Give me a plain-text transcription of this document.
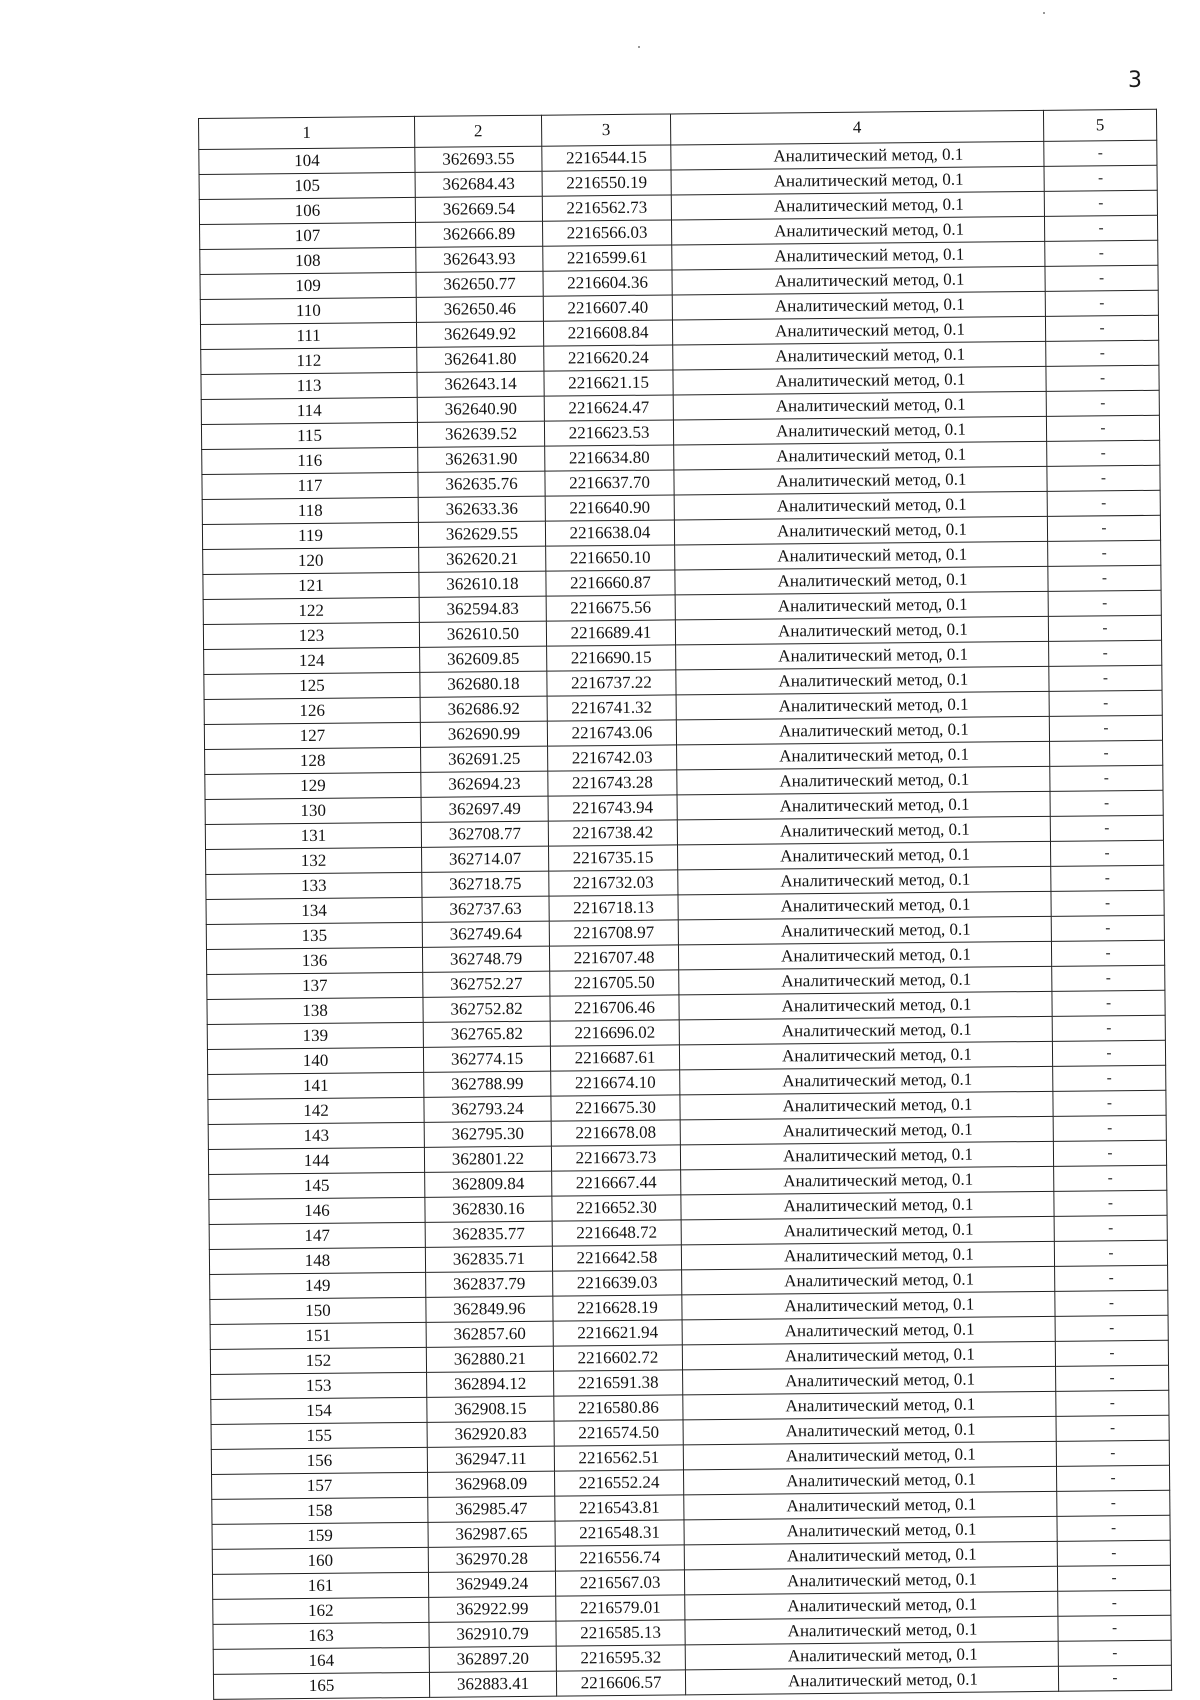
3
1	2	3	4	5
104	362693.55	2216544.15	Аналитический метод, 0.1	-
105	362684.43	2216550.19	Аналитический метод, 0.1	-
106	362669.54	2216562.73	Аналитический метод, 0.1	-
107	362666.89	2216566.03	Аналитический метод, 0.1	-
108	362643.93	2216599.61	Аналитический метод, 0.1	-
109	362650.77	2216604.36	Аналитический метод, 0.1	-
110	362650.46	2216607.40	Аналитический метод, 0.1	-
111	362649.92	2216608.84	Аналитический метод, 0.1	-
112	362641.80	2216620.24	Аналитический метод, 0.1	-
113	362643.14	2216621.15	Аналитический метод, 0.1	-
114	362640.90	2216624.47	Аналитический метод, 0.1	-
115	362639.52	2216623.53	Аналитический метод, 0.1	-
116	362631.90	2216634.80	Аналитический метод, 0.1	-
117	362635.76	2216637.70	Аналитический метод, 0.1	-
118	362633.36	2216640.90	Аналитический метод, 0.1	-
119	362629.55	2216638.04	Аналитический метод, 0.1	-
120	362620.21	2216650.10	Аналитический метод, 0.1	-
121	362610.18	2216660.87	Аналитический метод, 0.1	-
122	362594.83	2216675.56	Аналитический метод, 0.1	-
123	362610.50	2216689.41	Аналитический метод, 0.1	-
124	362609.85	2216690.15	Аналитический метод, 0.1	-
125	362680.18	2216737.22	Аналитический метод, 0.1	-
126	362686.92	2216741.32	Аналитический метод, 0.1	-
127	362690.99	2216743.06	Аналитический метод, 0.1	-
128	362691.25	2216742.03	Аналитический метод, 0.1	-
129	362694.23	2216743.28	Аналитический метод, 0.1	-
130	362697.49	2216743.94	Аналитический метод, 0.1	-
131	362708.77	2216738.42	Аналитический метод, 0.1	-
132	362714.07	2216735.15	Аналитический метод, 0.1	-
133	362718.75	2216732.03	Аналитический метод, 0.1	-
134	362737.63	2216718.13	Аналитический метод, 0.1	-
135	362749.64	2216708.97	Аналитический метод, 0.1	-
136	362748.79	2216707.48	Аналитический метод, 0.1	-
137	362752.27	2216705.50	Аналитический метод, 0.1	-
138	362752.82	2216706.46	Аналитический метод, 0.1	-
139	362765.82	2216696.02	Аналитический метод, 0.1	-
140	362774.15	2216687.61	Аналитический метод, 0.1	-
141	362788.99	2216674.10	Аналитический метод, 0.1	-
142	362793.24	2216675.30	Аналитический метод, 0.1	-
143	362795.30	2216678.08	Аналитический метод, 0.1	-
144	362801.22	2216673.73	Аналитический метод, 0.1	-
145	362809.84	2216667.44	Аналитический метод, 0.1	-
146	362830.16	2216652.30	Аналитический метод, 0.1	-
147	362835.77	2216648.72	Аналитический метод, 0.1	-
148	362835.71	2216642.58	Аналитический метод, 0.1	-
149	362837.79	2216639.03	Аналитический метод, 0.1	-
150	362849.96	2216628.19	Аналитический метод, 0.1	-
151	362857.60	2216621.94	Аналитический метод, 0.1	-
152	362880.21	2216602.72	Аналитический метод, 0.1	-
153	362894.12	2216591.38	Аналитический метод, 0.1	-
154	362908.15	2216580.86	Аналитический метод, 0.1	-
155	362920.83	2216574.50	Аналитический метод, 0.1	-
156	362947.11	2216562.51	Аналитический метод, 0.1	-
157	362968.09	2216552.24	Аналитический метод, 0.1	-
158	362985.47	2216543.81	Аналитический метод, 0.1	-
159	362987.65	2216548.31	Аналитический метод, 0.1	-
160	362970.28	2216556.74	Аналитический метод, 0.1	-
161	362949.24	2216567.03	Аналитический метод, 0.1	-
162	362922.99	2216579.01	Аналитический метод, 0.1	-
163	362910.79	2216585.13	Аналитический метод, 0.1	-
164	362897.20	2216595.32	Аналитический метод, 0.1	-
165	362883.41	2216606.57	Аналитический метод, 0.1	-
